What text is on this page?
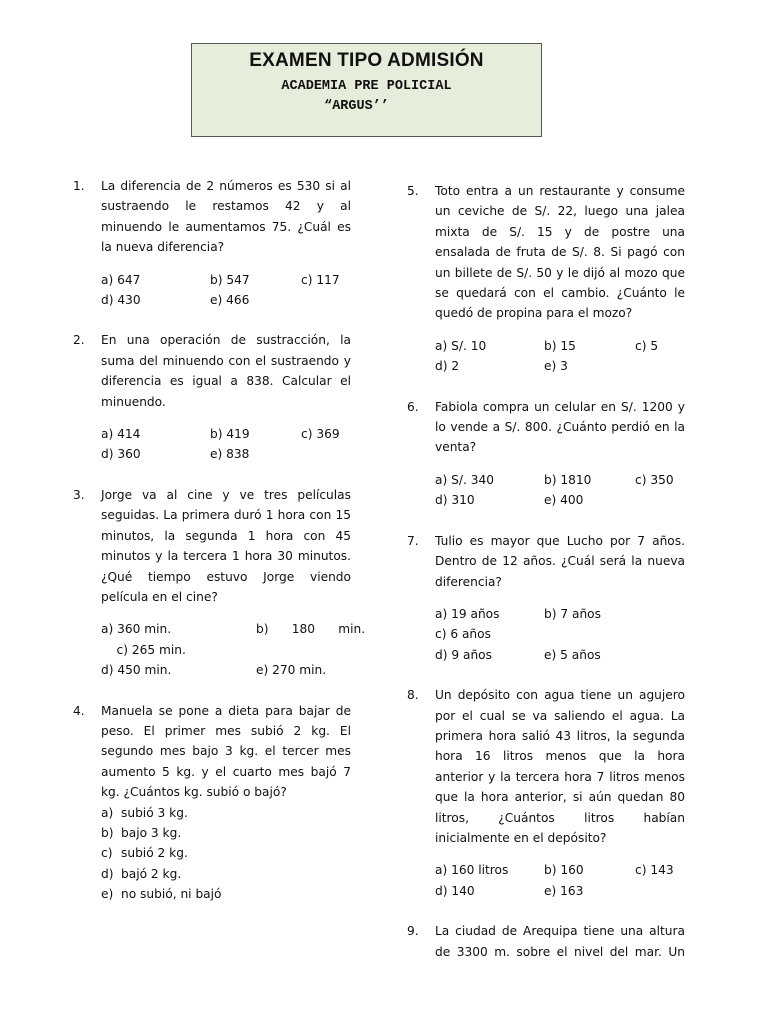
EXAMEN TIPO ADMISIÓN
ACADEMIA PRE POLICIAL
“ARGUS’’
1. La diferencia de 2 números es 530 si al sustraendo le restamos 42 y al minuendo le aumentamos 75. ¿Cuál es la nueva diferencia?
a) 647	b) 547	c) 117
d) 430	e) 466
2. En una operación de sustracción, la suma del minuendo con el sustraendo y diferencia es igual a 838. Calcular el minuendo.
a) 414	b) 419	c) 369
d) 360	e) 838
3. Jorge va al cine y ve tres películas seguidas. La primera duró 1 hora con 15 minutos, la segunda 1 hora con 45 minutos y la tercera 1 hora 30 minutos. ¿Qué tiempo estuvo Jorge viendo película en el cine?
a) 360 min.	b)      180      min.
c) 265 min.
d) 450 min.	e) 270 min.
4. Manuela se pone a dieta para bajar de peso. El primer mes subió 2 kg. El segundo mes bajo 3 kg. el tercer mes aumento 5 kg. y el cuarto mes bajó 7 kg. ¿Cuántos kg. subió o bajó?
a) subió 3 kg.
b) bajo 3 kg.
c) subió 2 kg.
d) bajó 2 kg.
e) no subió, ni bajó
5. Toto entra a un restaurante y consume un ceviche de S/. 22, luego una jalea mixta de S/. 15 y de postre una ensalada de fruta de S/. 8. Si pagó con un billete de S/. 50 y le dijó al mozo que se quedará con el cambio. ¿Cuánto le quedó de propina para el mozo?
a) S/. 10	b) 15	c) 5
d) 2	e) 3
6. Fabiola compra un celular en S/. 1200 y lo vende a S/. 800. ¿Cuánto perdió en la venta?
a) S/. 340	b) 1810	c) 350
d) 310	e) 400
7. Tulio es mayor que Lucho por 7 años. Dentro de 12 años. ¿Cuál será la nueva diferencia?
a) 19 años	b) 7 años
c) 6 años
d) 9 años	e) 5 años
8. Un depósito con agua tiene un agujero por el cual se va saliendo el agua. La primera hora salió 43 litros, la segunda hora 16 litros menos que la hora anterior y la tercera hora 7 litros menos que la hora anterior, si aún quedan 80 litros, ¿Cuántos litros habían inicialmente en el depósito?
a) 160 litros	b) 160	c) 143
d) 140	e) 163
9. La ciudad de Arequipa tiene una altura de 3300 m. sobre el nivel del mar. Un
